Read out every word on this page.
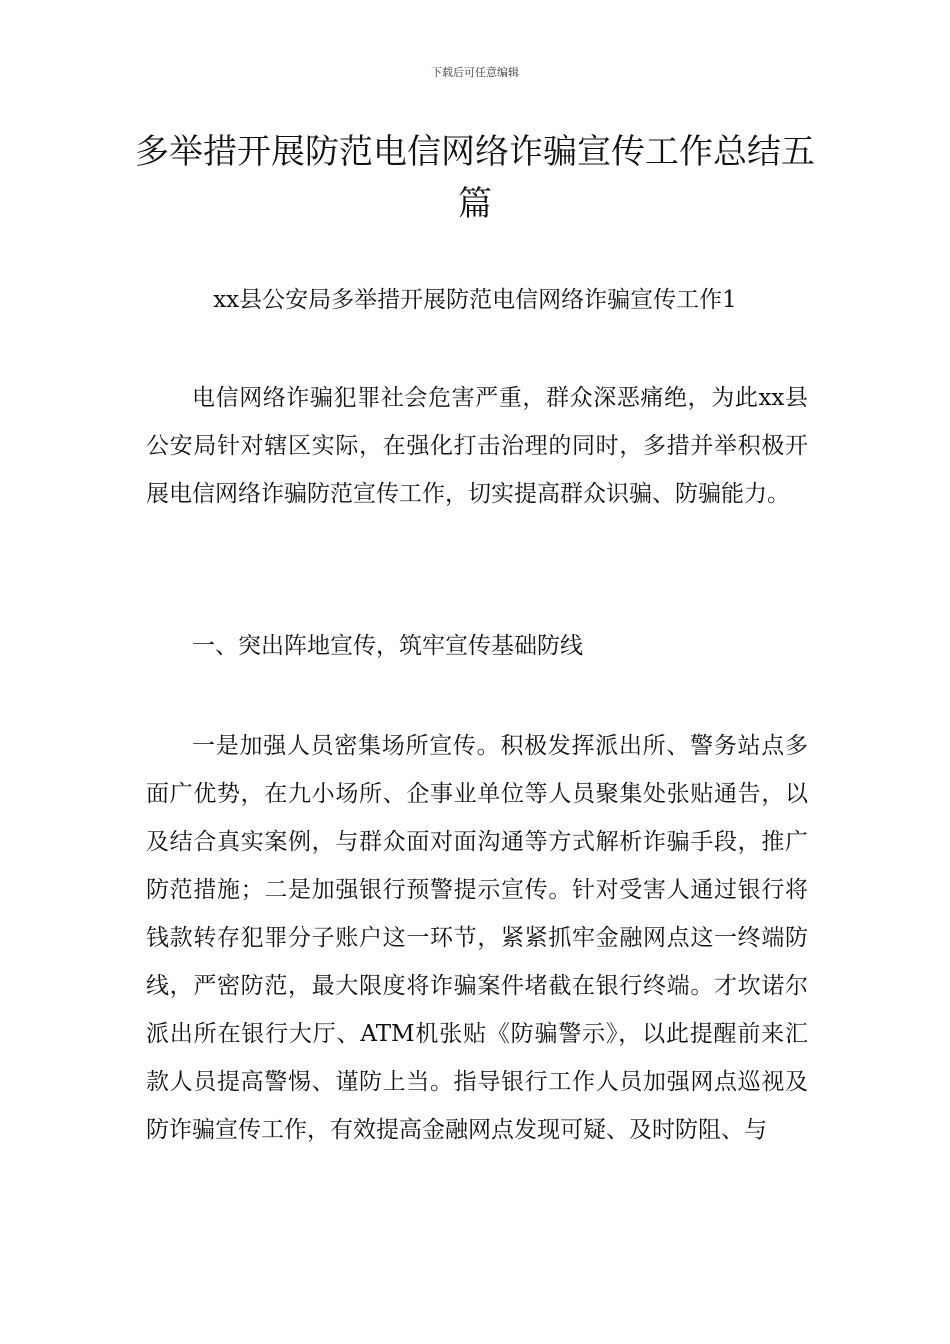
下载后可任意编辑
多举措开展防范电信网络诈骗宣传工作总结五篇
xx县公安局多举措开展防范电信网络诈骗宣传工作1

电信网络诈骗犯罪社会危害严重，群众深恶痛绝，为此xx县公安局针对辖区实际，在强化打击治理的同时，多措并举积极开展电信网络诈骗防范宣传工作，切实提高群众识骗、防骗能力。

一、突出阵地宣传，筑牢宣传基础防线

一是加强人员密集场所宣传。积极发挥派出所、警务站点多面广优势，在九小场所、企事业单位等人员聚集处张贴通告，以及结合真实案例，与群众面对面沟通等方式解析诈骗手段，推广防范措施；二是加强银行预警提示宣传。针对受害人通过银行将钱款转存犯罪分子账户这一环节，紧紧抓牢金融网点这一终端防线，严密防范，最大限度将诈骗案件堵截在银行终端。才坎诺尔派出所在银行大厅、ATM机张贴《防骗警示》，以此提醒前来汇款人员提高警惕、谨防上当。指导银行工作人员加强网点巡视及防诈骗宣传工作，有效提高金融网点发现可疑、及时防阻、与
